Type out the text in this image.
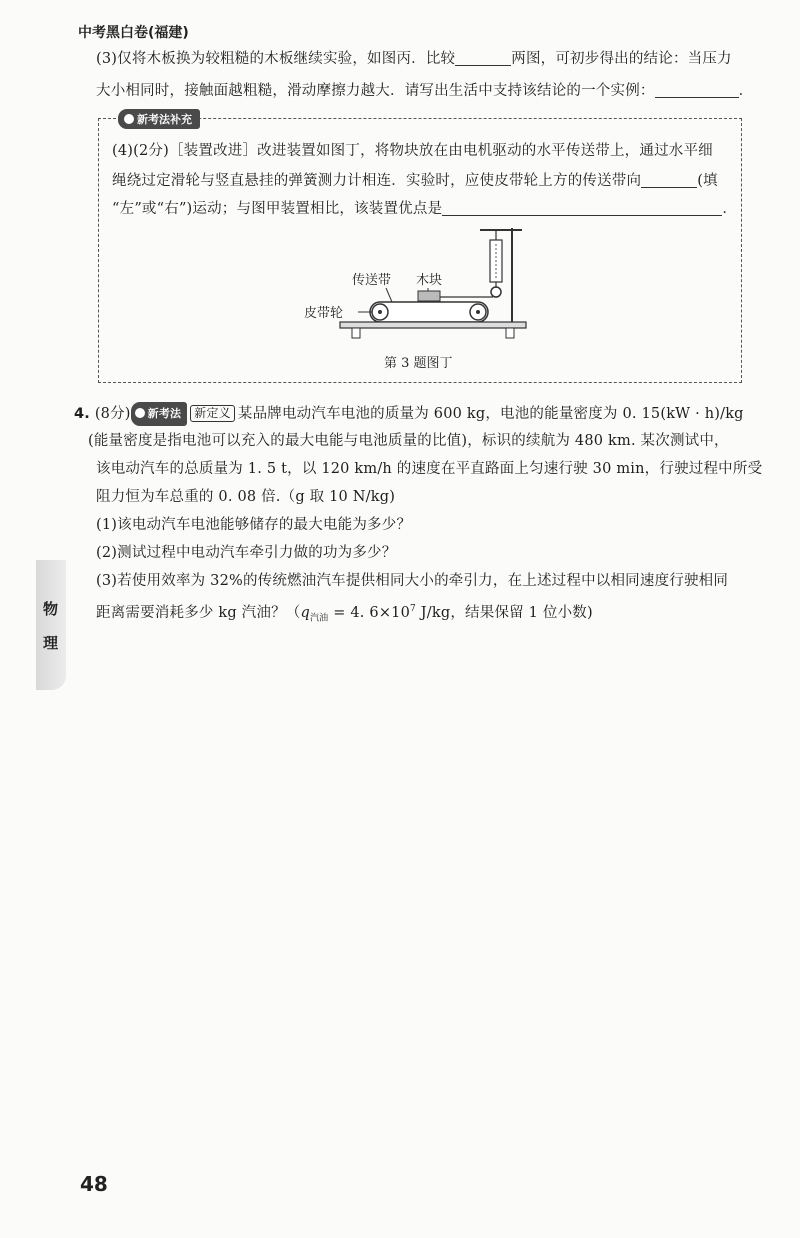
中考黑白卷(福建)
(3)仅将木板换为较粗糙的木板继续实验，如图丙．比较	两图，可初步得出的结论：当压力
大小相同时，接触面越粗糙，滑动摩擦力越大．请写出生活中支持该结论的一个实例：	．
新考法补充
(4)(2分)［装置改进］改进装置如图丁，将物块放在由电机驱动的水平传送带上，通过水平细
绳绕过定滑轮与竖直悬挂的弹簧测力计相连．实验时，应使皮带轮上方的传送带向	(填
“左”或“右”)运动；与图甲装置相比，该装置优点是	．
传送带 木块
皮带轮
第 3 题图丁
4. (8分) 新考法 新定义 某品牌电动汽车电池的质量为 600 kg，电池的能量密度为 0. 15(kW · h)/kg
(能量密度是指电池可以充入的最大电能与电池质量的比值)，标识的续航为 480 km. 某次测试中，
该电动汽车的总质量为 1. 5 t，以 120 km/h 的速度在平直路面上匀速行驶 30 min，行驶过程中所受
阻力恒为车总重的 0. 08 倍.（g 取 10 N/kg)
(1)该电动汽车电池能够储存的最大电能为多少？
(2)测试过程中电动汽车牵引力做的功为多少？
(3)若使用效率为 32%的传统燃油汽车提供相同大小的牵引力，在上述过程中以相同速度行驶相同
距离需要消耗多少 kg 汽油？（$q_{汽油} = 4$. $6\times 10^7$ J/kg，结果保留 1 位小数)
物
理
48
